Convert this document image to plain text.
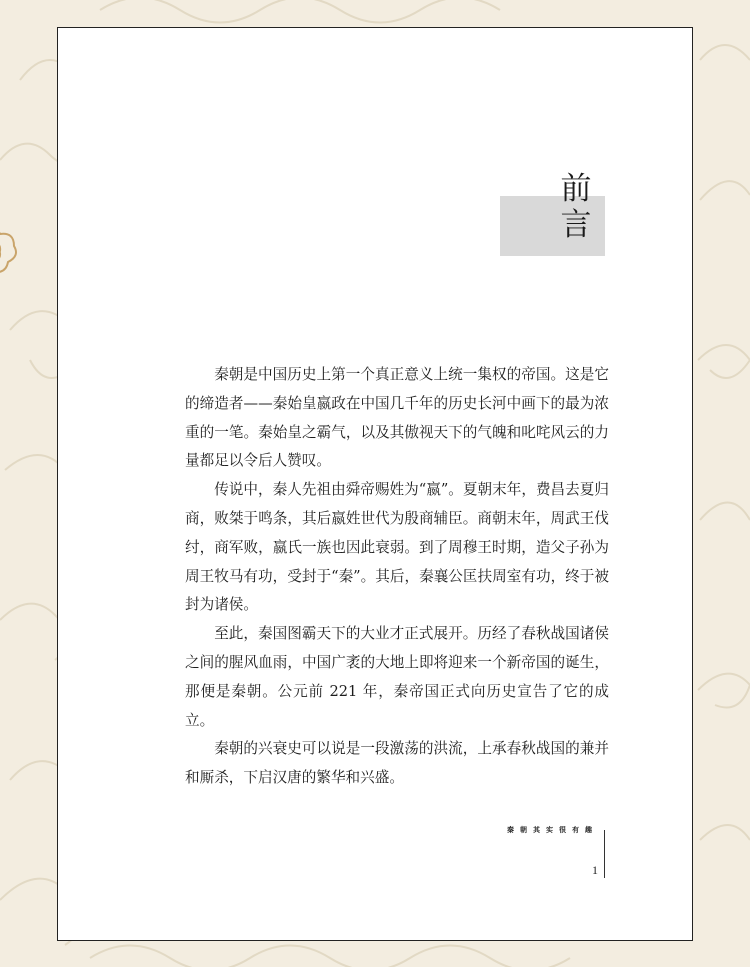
前
言

秦朝是中国历史上第一个真正意义上统一集权的帝国。这是它的缔造者——秦始皇嬴政在中国几千年的历史长河中画下的最为浓重的一笔。秦始皇之霸气，以及其傲视天下的气魄和叱咤风云的力量都足以令后人赞叹。

传说中，秦人先祖由舜帝赐姓为“嬴”。夏朝末年，费昌去夏归商，败桀于鸣条，其后嬴姓世代为殷商辅臣。商朝末年，周武王伐纣，商军败，嬴氏一族也因此衰弱。到了周穆王时期，造父子孙为周王牧马有功，受封于“秦”。其后，秦襄公匡扶周室有功，终于被封为诸侯。

至此，秦国图霸天下的大业才正式展开。历经了春秋战国诸侯之间的腥风血雨，中国广袤的大地上即将迎来一个新帝国的诞生，那便是秦朝。公元前 221 年，秦帝国正式向历史宣告了它的成立。

秦朝的兴衰史可以说是一段激荡的洪流，上承春秋战国的兼并和厮杀，下启汉唐的繁华和兴盛。

秦朝其实很有趣
1
